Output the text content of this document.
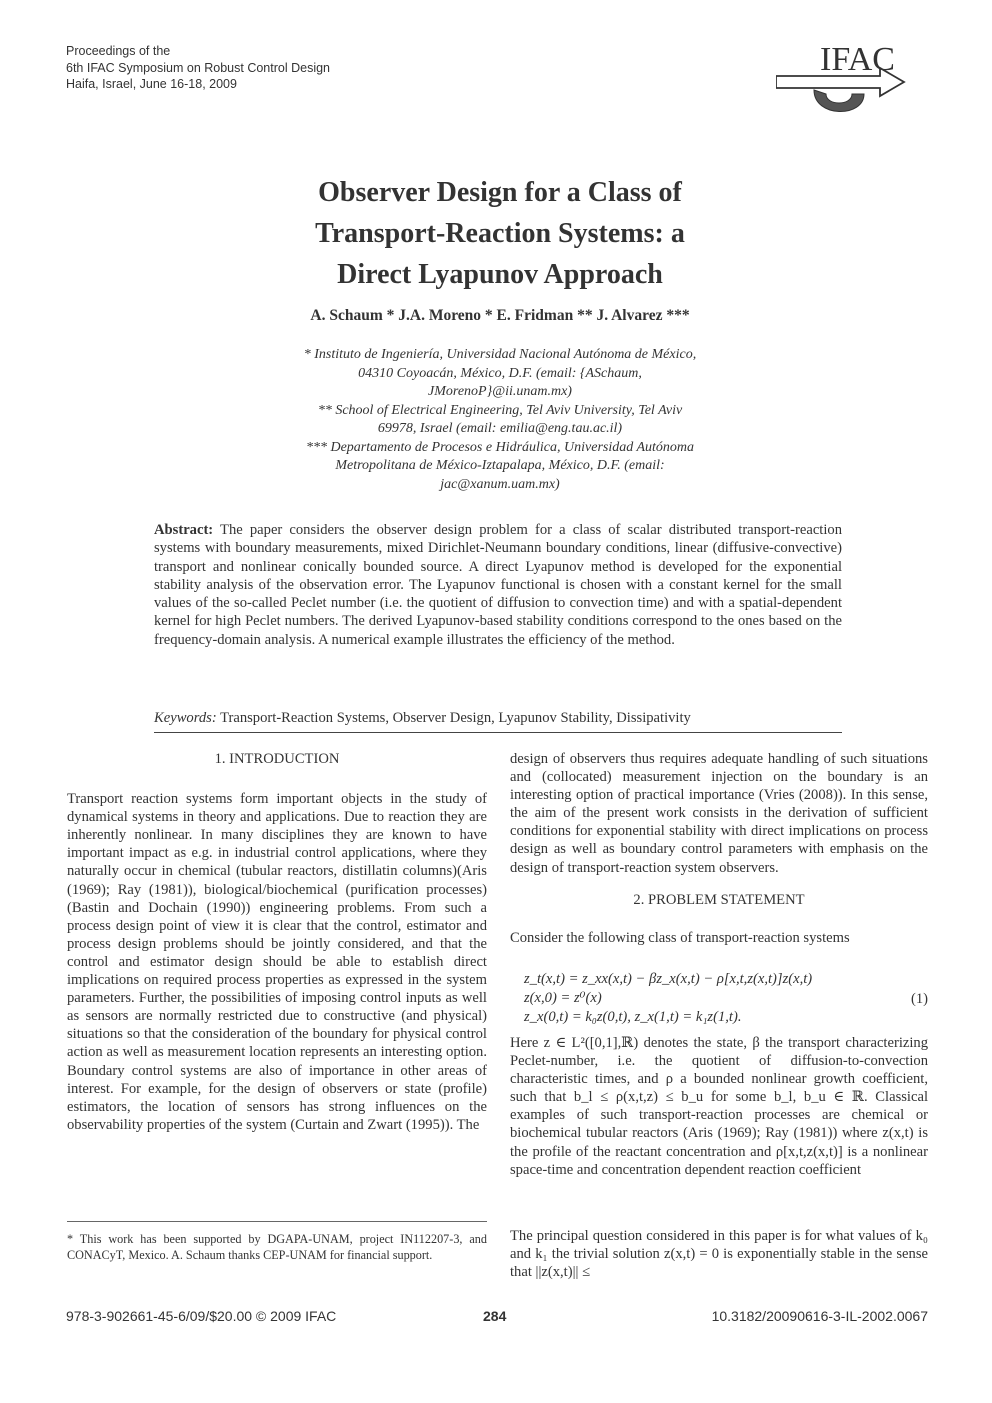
Proceedings of the
6th IFAC Symposium on Robust Control Design
Haifa, Israel, June 16-18, 2009
IFAC
Observer Design for a Class of
Transport-Reaction Systems: a
Direct Lyapunov Approach
A. Schaum * J.A. Moreno * E. Fridman ** J. Alvarez ***
* Instituto de Ingeniería, Universidad Nacional Autónoma de México,
04310 Coyoacán, México, D.F. (email: {ASchaum,
JMorenoP}@ii.unam.mx)
** School of Electrical Engineering, Tel Aviv University, Tel Aviv
69978, Israel (email: emilia@eng.tau.ac.il)
*** Departamento de Procesos e Hidráulica, Universidad Autónoma
Metropolitana de México-Iztapalapa, México, D.F. (email:
jac@xanum.uam.mx)
Abstract: The paper considers the observer design problem for a class of scalar distributed transport-reaction systems with boundary measurements, mixed Dirichlet-Neumann boundary conditions, linear (diffusive-convective) transport and nonlinear conically bounded source. A direct Lyapunov method is developed for the exponential stability analysis of the observation error. The Lyapunov functional is chosen with a constant kernel for the small values of the so-called Peclet number (i.e. the quotient of diffusion to convection time) and with a spatial-dependent kernel for high Peclet numbers. The derived Lyapunov-based stability conditions correspond to the ones based on the frequency-domain analysis. A numerical example illustrates the efficiency of the method.
Keywords: Transport-Reaction Systems, Observer Design, Lyapunov Stability, Dissipativity
1. INTRODUCTION
Transport reaction systems form important objects in the study of dynamical systems in theory and applications. Due to reaction they are inherently nonlinear. In many disciplines they are known to have important impact as e.g. in industrial control applications, where they naturally occur in chemical (tubular reactors, distillatin columns)(Aris (1969); Ray (1981)), biological/biochemical (purification processes) (Bastin and Dochain (1990)) engineering problems. From such a process design point of view it is clear that the control, estimator and process design problems should be jointly considered, and that the control and estimator design should be able to establish direct implications on required process properties as expressed in the system parameters. Further, the possibilities of imposing control inputs as well as sensors are normally restricted due to constructive (and physical) situations so that the consideration of the boundary for physical control action as well as measurement location represents an interesting option. Boundary control systems are also of importance in other areas of interest. For example, for the design of observers or state (profile) estimators, the location of sensors has strong influences on the observability properties of the system (Curtain and Zwart (1995)). The
* This work has been supported by DGAPA-UNAM, project IN112207-3, and CONACyT, Mexico. A. Schaum thanks CEP-UNAM for financial support.
design of observers thus requires adequate handling of such situations and (collocated) measurement injection on the boundary is an interesting option of practical importance (Vries (2008)). In this sense, the aim of the present work consists in the derivation of sufficient conditions for exponential stability with direct implications on process design as well as boundary control parameters with emphasis on the design of transport-reaction system observers.
2. PROBLEM STATEMENT
Consider the following class of transport-reaction systems
z_t(x,t) = z_xx(x,t) − βz_x(x,t) − ρ[x,t,z(x,t)]z(x,t)
z(x,0) = z⁰(x)
z_x(0,t) = k₀z(0,t), z_x(1,t) = k₁z(1,t).
(1)
Here z ∈ L²([0,1],ℝ) denotes the state, β the transport characterizing Peclet-number, i.e. the quotient of diffusion-to-convection characteristic times, and ρ a bounded nonlinear growth coefficient, such that b_l ≤ ρ(x,t,z) ≤ b_u for some b_l, b_u ∈ ℝ. Classical examples of such transport-reaction processes are chemical or biochemical tubular reactors (Aris (1969); Ray (1981)) where z(x,t) is the profile of the reactant concentration and ρ[x,t,z(x,t)] is a nonlinear space-time and concentration dependent reaction coefficient
The principal question considered in this paper is for what values of k₀ and k₁ the trivial solution z(x,t) = 0 is exponentially stable in the sense that ||z(x,t)|| ≤
978-3-902661-45-6/09/$20.00 © 2009 IFAC	284	10.3182/20090616-3-IL-2002.0067
